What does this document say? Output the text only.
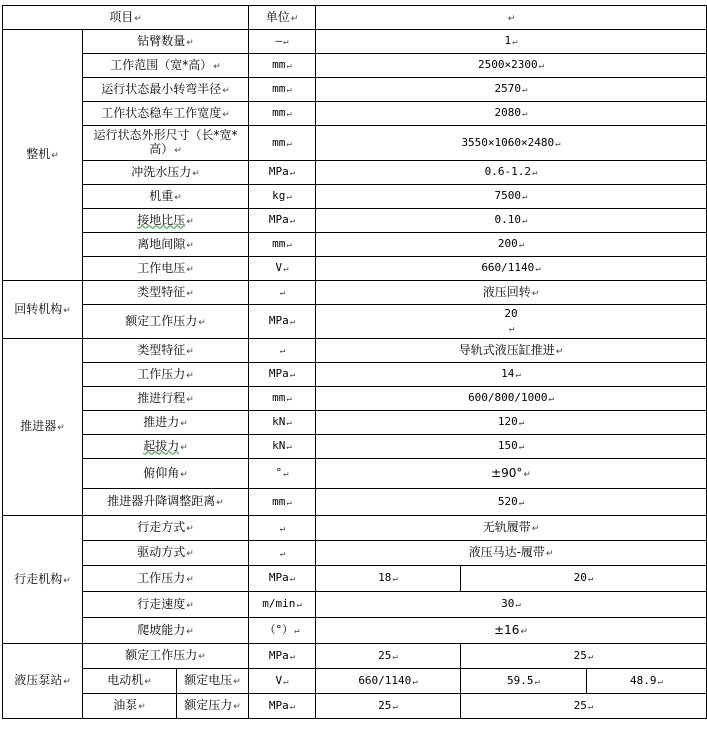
项目↵			单位↵	↵		
整机↵	钻臂数量↵		—↵	1↵		
	工作范围（宽*高）↵		mm↵	2500×2300↵		
	运行状态最小转弯半径↵		mm↵	2570↵		
	工作状态稳车工作宽度↵		mm↵	2080↵		
	运行状态外形尺寸（长*宽*高）↵		mm↵	3550×1060×2480↵		
	冲洗水压力↵		MPa↵	0.6-1.2↵		
	机重↵		kg↵	7500↵		
	接地比压↵		MPa↵	0.10↵		
	离地间隙↵		mm↵	200↵		
	工作电压↵		V↵	660/1140↵		
回转机构↵	类型特征↵		↵	液压回转↵		
	额定工作压力↵		MPa↵	20
↵		
推进器↵	类型特征↵		↵	导轨式液压缸推进↵		
	工作压力↵		MPa↵	14↵		
	推进行程↵		mm↵	600/800/1000↵		
	推进力↵		kN↵	120↵		
	起拔力↵		kN↵	150↵		
	俯仰角↵		°↵	±90°↵		
	推进器升降调整距离↵		mm↵	520↵		
行走机构↵	行走方式↵		↵	无轨履带↵		
	驱动方式↵		↵	液压马达-履带↵		
	工作压力↵		MPa↵	18↵	20↵	
	行走速度↵		m/min↵	30↵		
	爬坡能力↵		（°）↵	±16↵		
液压泵站↵	额定工作压力↵		MPa↵	25↵	25↵	
	电动机↵	额定电压↵	V↵	660/1140↵	59.5↵	48.9↵
	油泵↵	额定压力↵	MPa↵	25↵	25↵	
